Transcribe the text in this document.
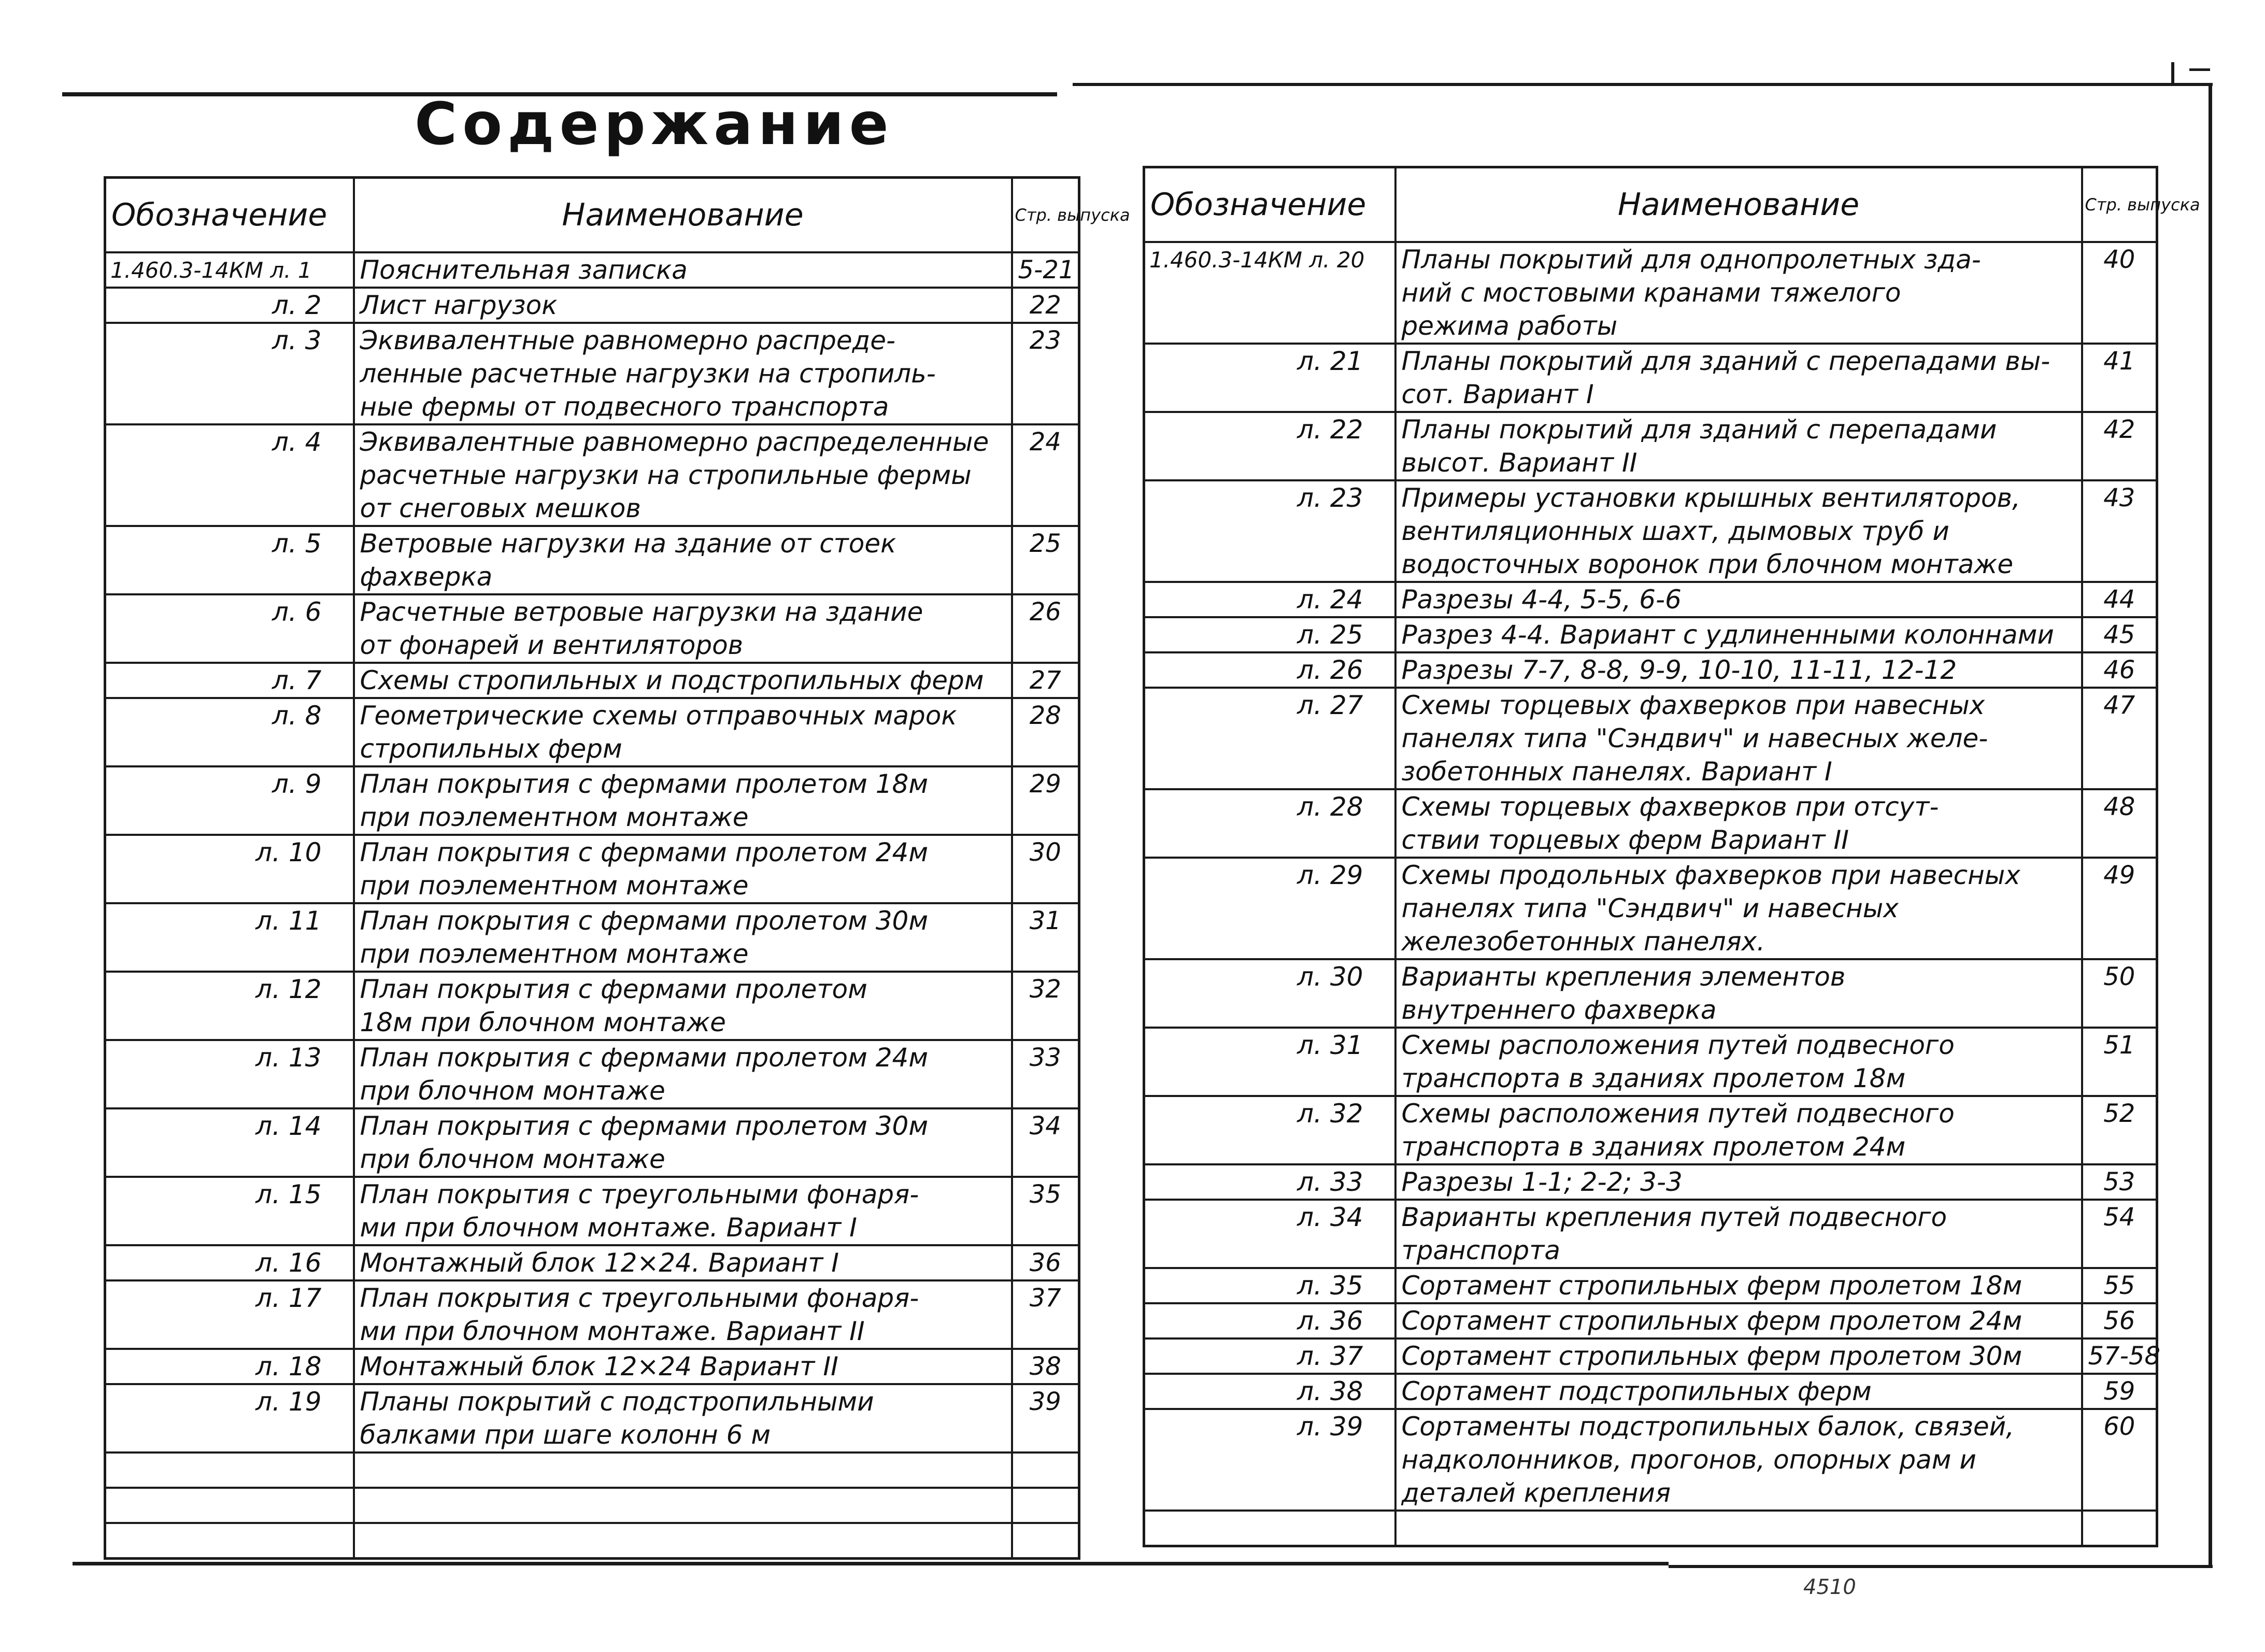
Содержание
Обозначение	Наименование	Стр. выпуска
1.460.3-14КМ л. 1	Пояснительная записка	5-21
л. 2	Лист нагрузок	22
л. 3	Эквивалентные равномерно распреде-	23
	ленные расчетные нагрузки на стропиль-	
	ные фермы от подвесного транспорта	
л. 4	Эквивалентные равномерно распределенные	24
	расчетные нагрузки на стропильные фермы	
	от снеговых мешков	
л. 5	Ветровые нагрузки на здание от стоек	25
	фахверка	
л. 6	Расчетные ветровые нагрузки на здание	26
	от фонарей и вентиляторов	
л. 7	Схемы стропильных и подстропильных ферм	27
л. 8	Геометрические схемы отправочных марок	28
	стропильных ферм	
л. 9	План покрытия с фермами пролетом 18м	29
	при поэлементном монтаже	
л. 10	План покрытия с фермами пролетом 24м	30
	при поэлементном монтаже	
л. 11	План покрытия с фермами пролетом 30м	31
	при поэлементном монтаже	
л. 12	План покрытия с фермами пролетом	32
	18м при блочном монтаже	
л. 13	План покрытия с фермами пролетом 24м	33
	при блочном монтаже	
л. 14	План покрытия с фермами пролетом 30м	34
	при блочном монтаже	
л. 15	План покрытия с треугольными фонаря-	35
	ми при блочном монтаже. Вариант I	
л. 16	Монтажный блок 12×24. Вариант I	36
л. 17	План покрытия с треугольными фонаря-	37
	ми при блочном монтаже. Вариант II	
л. 18	Монтажный блок 12×24 Вариант II	38
л. 19	Планы покрытий с подстропильными	39
	балками при шаге колонн 6 м	

Обозначение	Наименование	Стр. выпуска
1.460.3-14КМ л. 20	Планы покрытий для однопролетных зда-	40
	ний с мостовыми кранами тяжелого	
	режима работы	
л. 21	Планы покрытий для зданий с перепадами вы-	41
	сот. Вариант I	
л. 22	Планы покрытий для зданий с перепадами	42
	высот. Вариант II	
л. 23	Примеры установки крышных вентиляторов,	43
	вентиляционных шахт, дымовых труб и	
	водосточных воронок при блочном монтаже	
л. 24	Разрезы 4-4, 5-5, 6-6	44
л. 25	Разрез 4-4. Вариант с удлиненными колоннами	45
л. 26	Разрезы 7-7, 8-8, 9-9, 10-10, 11-11, 12-12	46
л. 27	Схемы торцевых фахверков при навесных	47
	панелях типа "Сэндвич" и навесных желе-	
	зобетонных панелях. Вариант I	
л. 28	Схемы торцевых фахверков при отсут-	48
	ствии торцевых ферм Вариант II	
л. 29	Схемы продольных фахверков при навесных	49
	панелях типа "Сэндвич" и навесных	
	железобетонных панелях.	
л. 30	Варианты крепления элементов	50
	внутреннего фахверка	
л. 31	Схемы расположения путей подвесного	51
	транспорта в зданиях пролетом 18м	
л. 32	Схемы расположения путей подвесного	52
	транспорта в зданиях пролетом 24м	
л. 33	Разрезы 1-1; 2-2; 3-3	53
л. 34	Варианты крепления путей подвесного	54
	транспорта	
л. 35	Сортамент стропильных ферм пролетом 18м	55
л. 36	Сортамент стропильных ферм пролетом 24м	56
л. 37	Сортамент стропильных ферм пролетом 30м	57-58
л. 38	Сортамент подстропильных ферм	59
л. 39	Сортаменты подстропильных балок, связей,	60
	надколонников, прогонов, опорных рам и	
	деталей крепления	

4510
